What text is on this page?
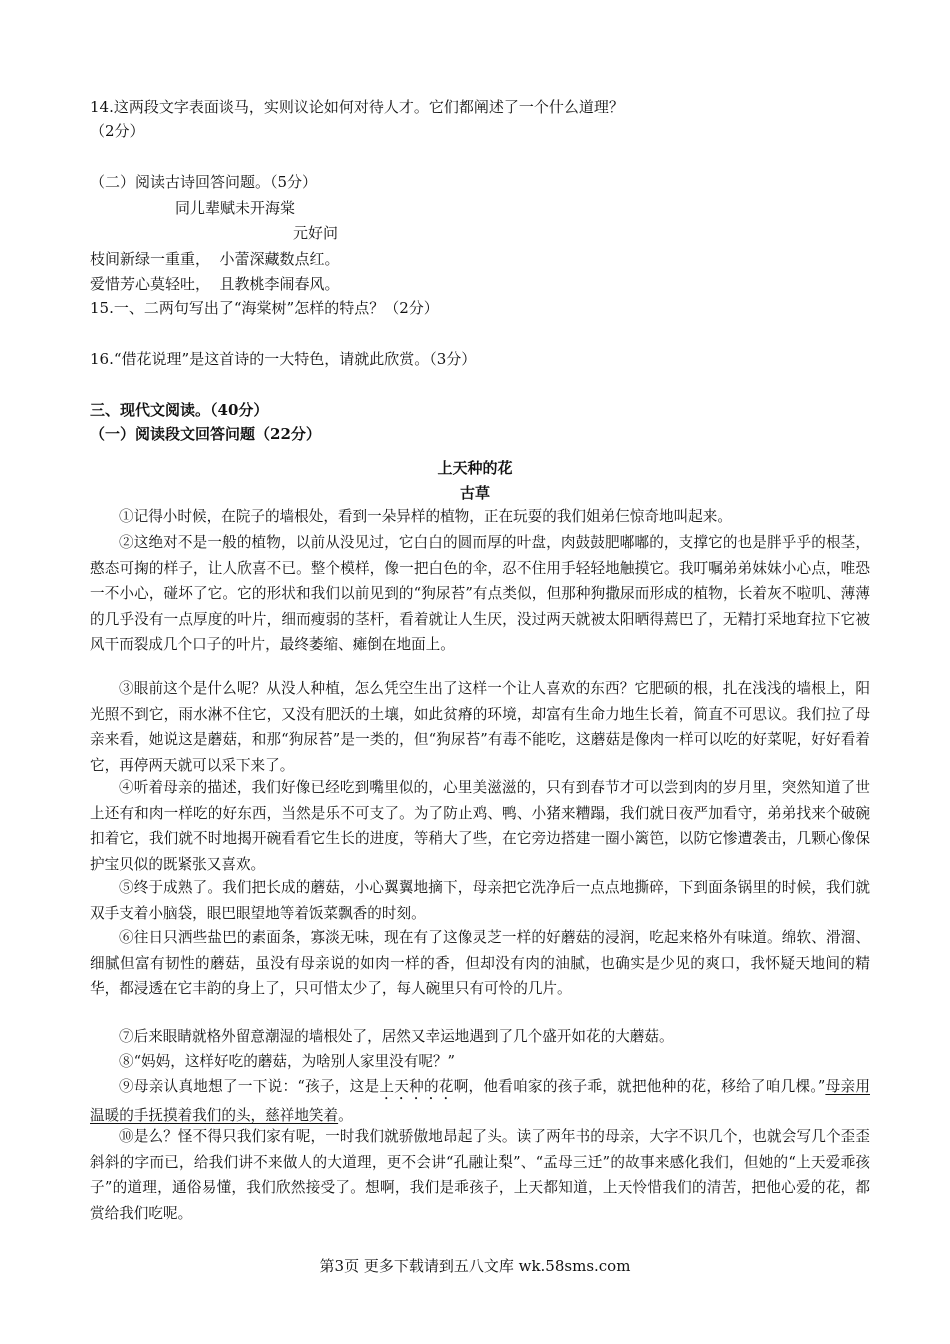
14.这两段文字表面谈马，实则议论如何对待人才。它们都阐述了一个什么道理？
（2分）
（二）阅读古诗回答问题。（5分）
同儿辈赋未开海棠
元好问
枝间新绿一重重，  小蕾深藏数点红。
爱惜芳心莫轻吐，  且教桃李闹春风。
15.一、二两句写出了“海棠树”怎样的特点？（2分）
16.“借花说理”是这首诗的一大特色，请就此欣赏。（3分）
三、现代文阅读。（40分）
（一）阅读段文回答问题（22分）
上天种的花
古草
①记得小时候，在院子的墙根处，看到一朵异样的植物，正在玩耍的我们姐弟仨惊奇地叫起来。
②这绝对不是一般的植物，以前从没见过，它白白的圆而厚的叶盘，肉鼓鼓肥嘟嘟的，支撑它的也是胖乎乎的根茎，憨态可掬的样子，让人欣喜不已。整个模样，像一把白色的伞，忍不住用手轻轻地触摸它。我叮嘱弟弟妹妹小心点，唯恐一不小心，碰坏了它。它的形状和我们以前见到的“狗尿苔”有点类似，但那种狗撒尿而形成的植物，长着灰不啦叽、薄薄的几乎没有一点厚度的叶片，细而瘦弱的茎杆，看着就让人生厌，没过两天就被太阳晒得蔫巴了，无精打采地耷拉下它被风干而裂成几个口子的叶片，最终萎缩、瘫倒在地面上。
③眼前这个是什么呢？从没人种植，怎么凭空生出了这样一个让人喜欢的东西？它肥硕的根，扎在浅浅的墙根上，阳光照不到它，雨水淋不住它，又没有肥沃的土壤，如此贫瘠的环境，却富有生命力地生长着，简直不可思议。我们拉了母亲来看，她说这是蘑菇，和那“狗尿苔”是一类的，但“狗尿苔”有毒不能吃，这蘑菇是像肉一样可以吃的好菜呢，好好看着它，再停两天就可以采下来了。
④听着母亲的描述，我们好像已经吃到嘴里似的，心里美滋滋的，只有到春节才可以尝到肉的岁月里，突然知道了世上还有和肉一样吃的好东西，当然是乐不可支了。为了防止鸡、鸭、小猪来糟蹋，我们就日夜严加看守，弟弟找来个破碗扣着它，我们就不时地揭开碗看看它生长的进度，等稍大了些，在它旁边搭建一圈小篱笆，以防它惨遭袭击，几颗心像保护宝贝似的既紧张又喜欢。
⑤终于成熟了。我们把长成的蘑菇，小心翼翼地摘下，母亲把它洗净后一点点地撕碎，下到面条锅里的时候，我们就双手支着小脑袋，眼巴眼望地等着饭菜飘香的时刻。
⑥往日只洒些盐巴的素面条，寡淡无味，现在有了这像灵芝一样的好蘑菇的浸润，吃起来格外有味道。绵软、滑溜、细腻但富有韧性的蘑菇，虽没有母亲说的如肉一样的香，但却没有肉的油腻，也确实是少见的爽口，我怀疑天地间的精华，都浸透在它丰韵的身上了，只可惜太少了，每人碗里只有可怜的几片。
⑦后来眼睛就格外留意潮湿的墙根处了，居然又幸运地遇到了几个盛开如花的大蘑菇。
⑧“妈妈，这样好吃的蘑菇，为啥别人家里没有呢？”
⑨母亲认真地想了一下说：“孩子，这是上天种的花啊，他看咱家的孩子乖，就把他种的花，移给了咱几棵。”母亲用温暖的手抚摸着我们的头，慈祥地笑着。
⑩是么？怪不得只我们家有呢，一时我们就骄傲地昂起了头。读了两年书的母亲，大字不识几个，也就会写几个歪歪斜斜的字而已，给我们讲不来做人的大道理，更不会讲“孔融让梨”、“孟母三迁”的故事来感化我们，但她的“上天爱乖孩子”的道理，通俗易懂，我们欣然接受了。想啊，我们是乖孩子，上天都知道，上天怜惜我们的清苦，把他心爱的花，都赏给我们吃呢。
第3页 更多下载请到五八文库 wk.58sms.com
